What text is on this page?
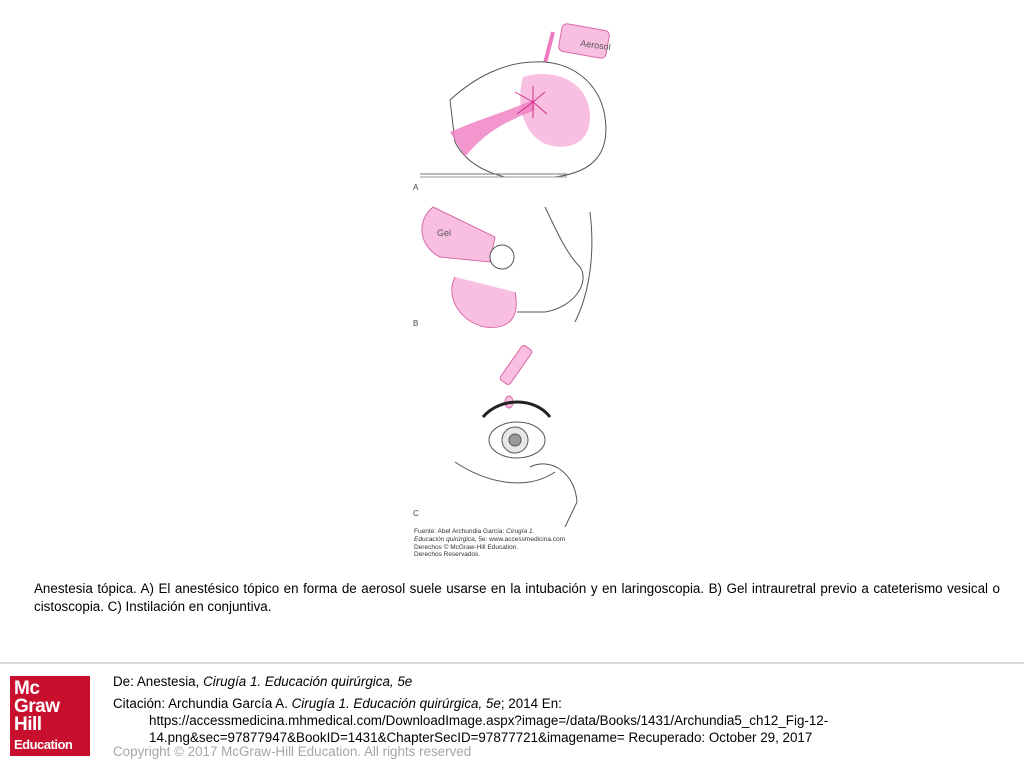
Aerosol
Gel
A
B
C
Fuente: Abel Archundia García: Cirugía 1.
Educación quirúrgica, 5e: www.accessmedicina.com
Derechos © McGraw-Hill Education.
Derechos Reservados.
Anestesia tópica. A) El anestésico tópico en forma de aerosol suele usarse en la intubación y en laringoscopia. B) Gel intrauretral previo a cateterismo vesical o cistoscopia. C) Instilación en conjuntiva.
Mc
Graw
Hill
Education
De: Anestesia, Cirugía 1. Educación quirúrgica, 5e
Citación: Archundia García A. Cirugía 1. Educación quirúrgica, 5e; 2014 En:
https://accessmedicina.mhmedical.com/DownloadImage.aspx?image=/data/Books/1431/Archundia5_ch12_Fig-12-
14.png&sec=97877947&BookID=1431&ChapterSecID=97877721&imagename= Recuperado: October 29, 2017
Copyright © 2017 McGraw-Hill Education. All rights reserved
